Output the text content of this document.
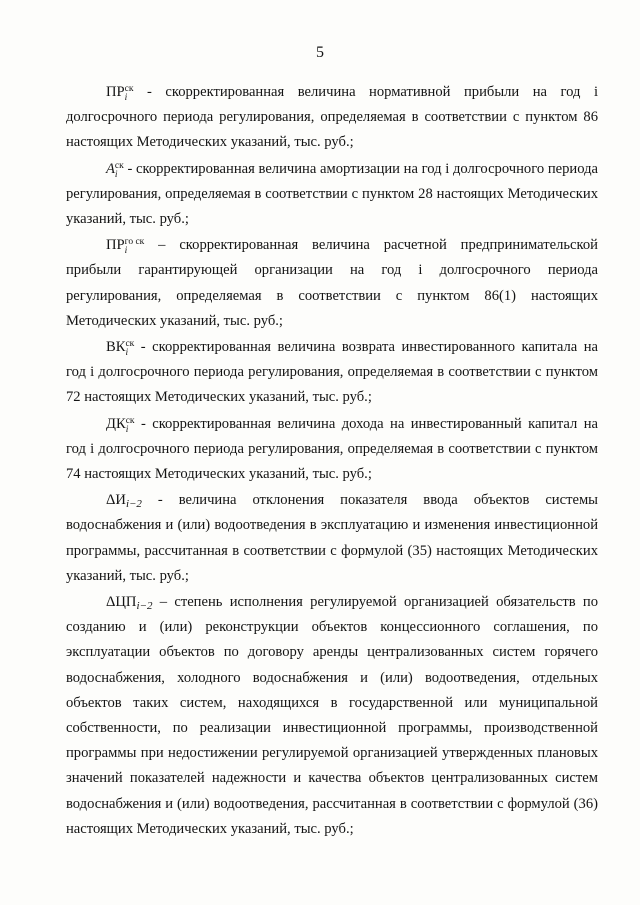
5

ПР ск
i - скорректированная величина нормативной прибыли на год i долгосрочного периода регулирования, определяемая в соответствии с пунктом 86 настоящих Методических указаний, тыс. руб.;

A ск
i - скорректированная величина амортизации на год i долгосрочного периода регулирования, определяемая в соответствии с пунктом 28 настоящих Методических указаний, тыс. руб.;

ПР го ск
i	– скорректированная величина расчетной предпринимательской прибыли гарантирующей организации на год i долгосрочного периода регулирования, определяемая в соответствии с пунктом 86(1) настоящих Методических указаний, тыс. руб.;

ВК ск
i - скорректированная величина возврата инвестированного капитала на год i долгосрочного периода регулирования, определяемая в соответствии с пунктом 72 настоящих Методических указаний, тыс. руб.;

ДК ск
i - скорректированная величина дохода на инвестированный капитал на год i долгосрочного периода регулирования, определяемая в соответствии с пунктом 74 настоящих Методических указаний, тыс. руб.;

$\Delta И_{i-2}$ - величина отклонения показателя ввода объектов системы водоснабжения и (или) водоотведения в эксплуатацию и изменения инвестиционной программы, рассчитанная в соответствии с формулой (35) настоящих Методических указаний, тыс. руб.;

$\Delta ЦП_{i-2}$ – степень исполнения регулируемой организацией обязательств по созданию и (или) реконструкции объектов концессионного соглашения, по эксплуатации объектов по договору аренды централизованных систем горячего водоснабжения, холодного водоснабжения и (или) водоотведения, отдельных объектов таких систем, находящихся в государственной или муниципальной собственности, по реализации инвестиционной программы, производственной программы при недостижении регулируемой организацией утвержденных плановых значений показателей надежности и качества объектов централизованных систем водоснабжения и (или) водоотведения, рассчитанная в соответствии с формулой (36) настоящих Методических указаний, тыс. руб.;
